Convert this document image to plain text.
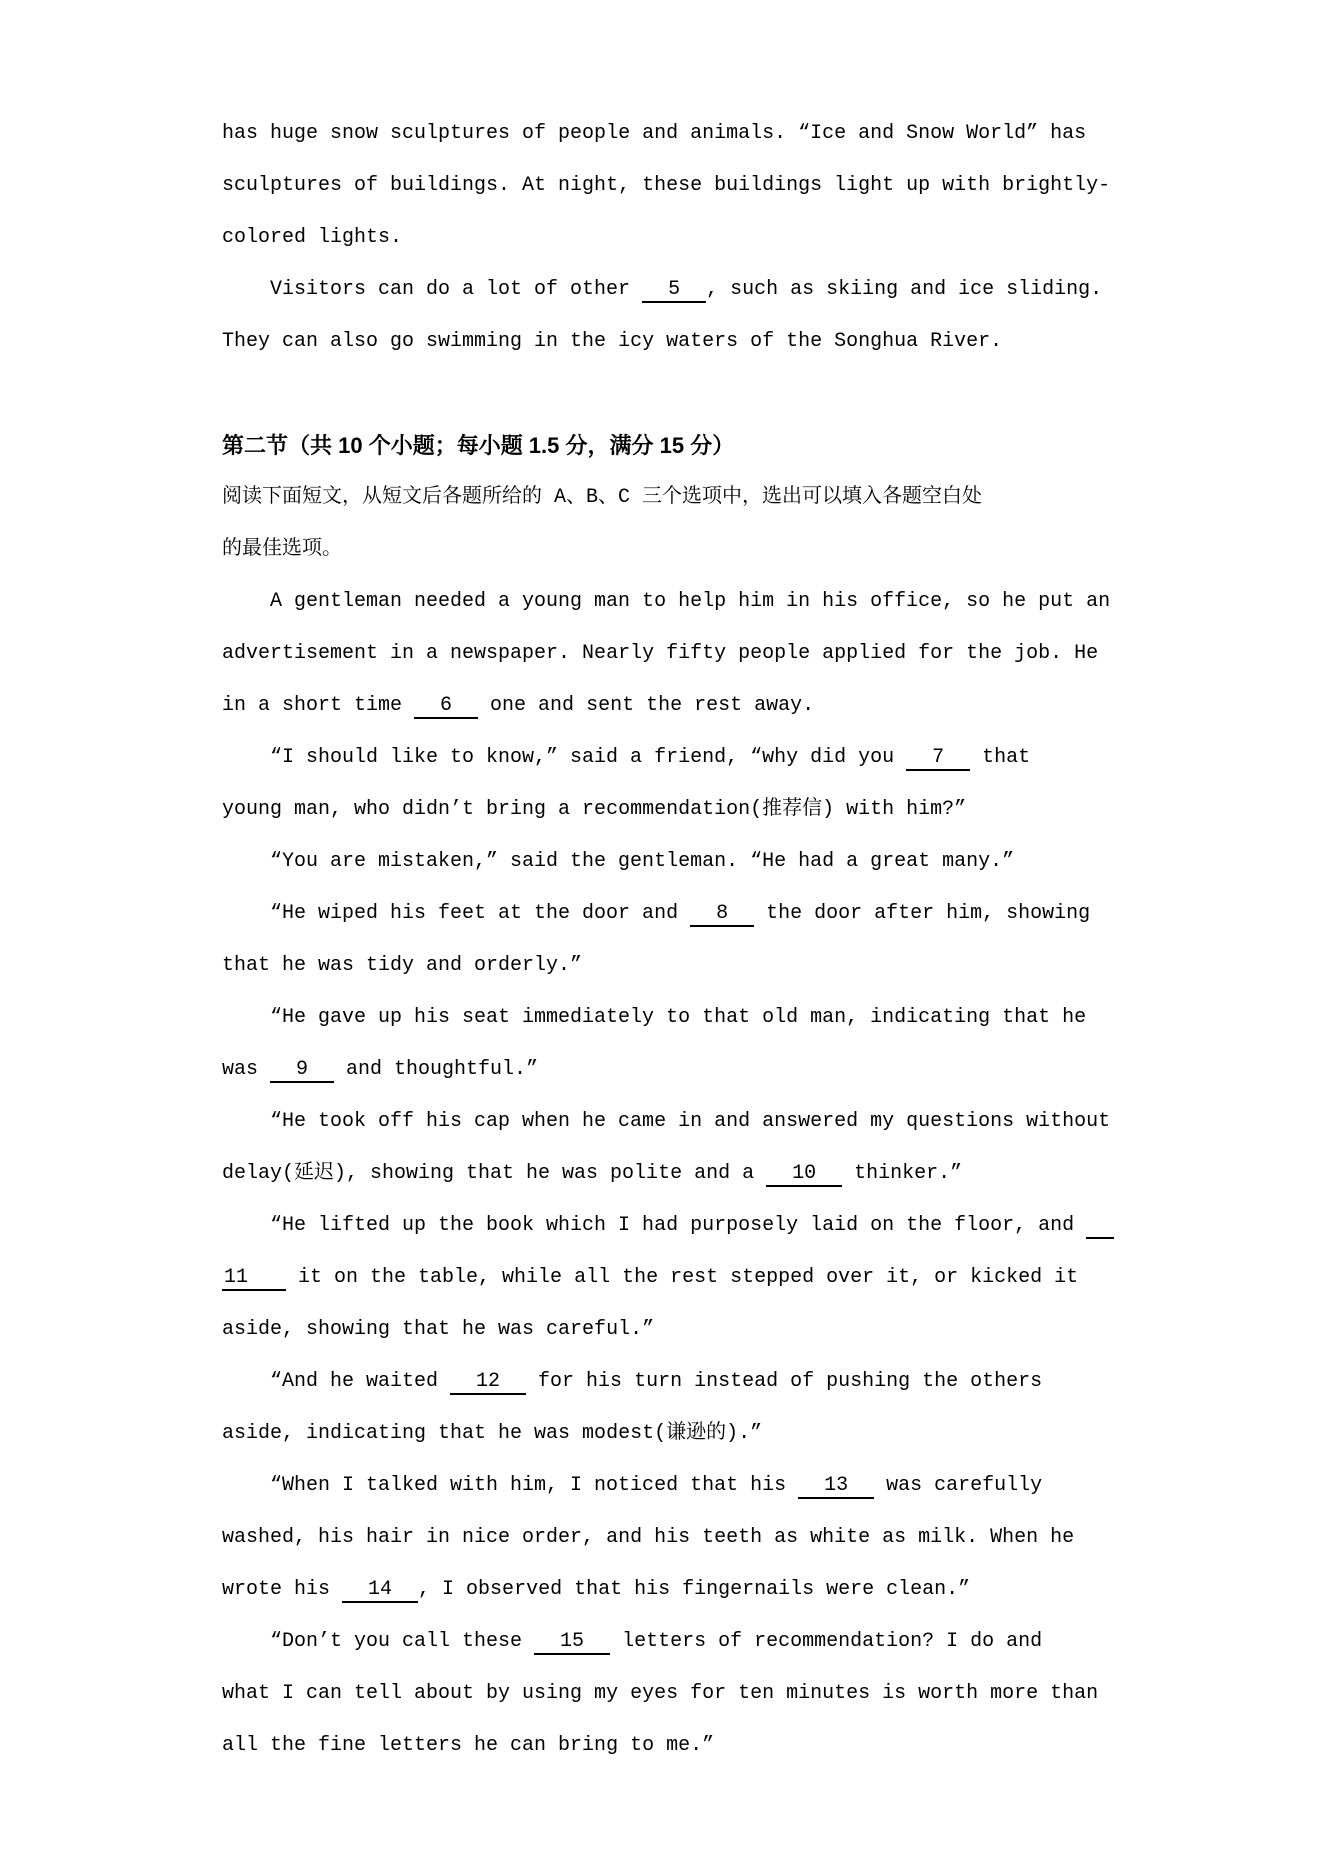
has huge snow sculptures of people and animals. “Ice and Snow World” has
sculptures of buildings. At night, these buildings light up with brightly-
colored lights.
Visitors can do a lot of other   5  , such as skiing and ice sliding.
They can also go swimming in the icy waters of the Songhua River.
第二节（共 10 个小题；每小题 1.5 分，满分 15 分）
阅读下面短文，从短文后各题所给的 A、B、C 三个选项中，选出可以填入各题空白处
的最佳选项。
A gentleman needed a young man to help him in his office, so he put an
advertisement in a newspaper. Nearly fifty people applied for the job. He
in a short time   6   one and sent the rest away.
“I should like to know,” said a friend, “why did you   7   that
young man, who didn’t bring a recommendation(推荐信) with him?”
“You are mistaken,” said the gentleman. “He had a great many.”
“He wiped his feet at the door and   8   the door after him, showing
that he was tidy and orderly.”
“He gave up his seat immediately to that old man, indicating that he
was   9   and thoughtful.”
“He took off his cap when he came in and answered my questions without
delay(延迟), showing that he was polite and a   10   thinker.”
“He lifted up the book which I had purposely laid on the floor, and
11    it on the table, while all the rest stepped over it, or kicked it
aside, showing that he was careful.”
“And he waited   12   for his turn instead of pushing the others
aside, indicating that he was modest(谦逊的).”
“When I talked with him, I noticed that his   13   was carefully
washed, his hair in nice order, and his teeth as white as milk. When he
wrote his   14  , I observed that his fingernails were clean.”
“Don’t you call these   15   letters of recommendation? I do and
what I can tell about by using my eyes for ten minutes is worth more than
all the fine letters he can bring to me.”
